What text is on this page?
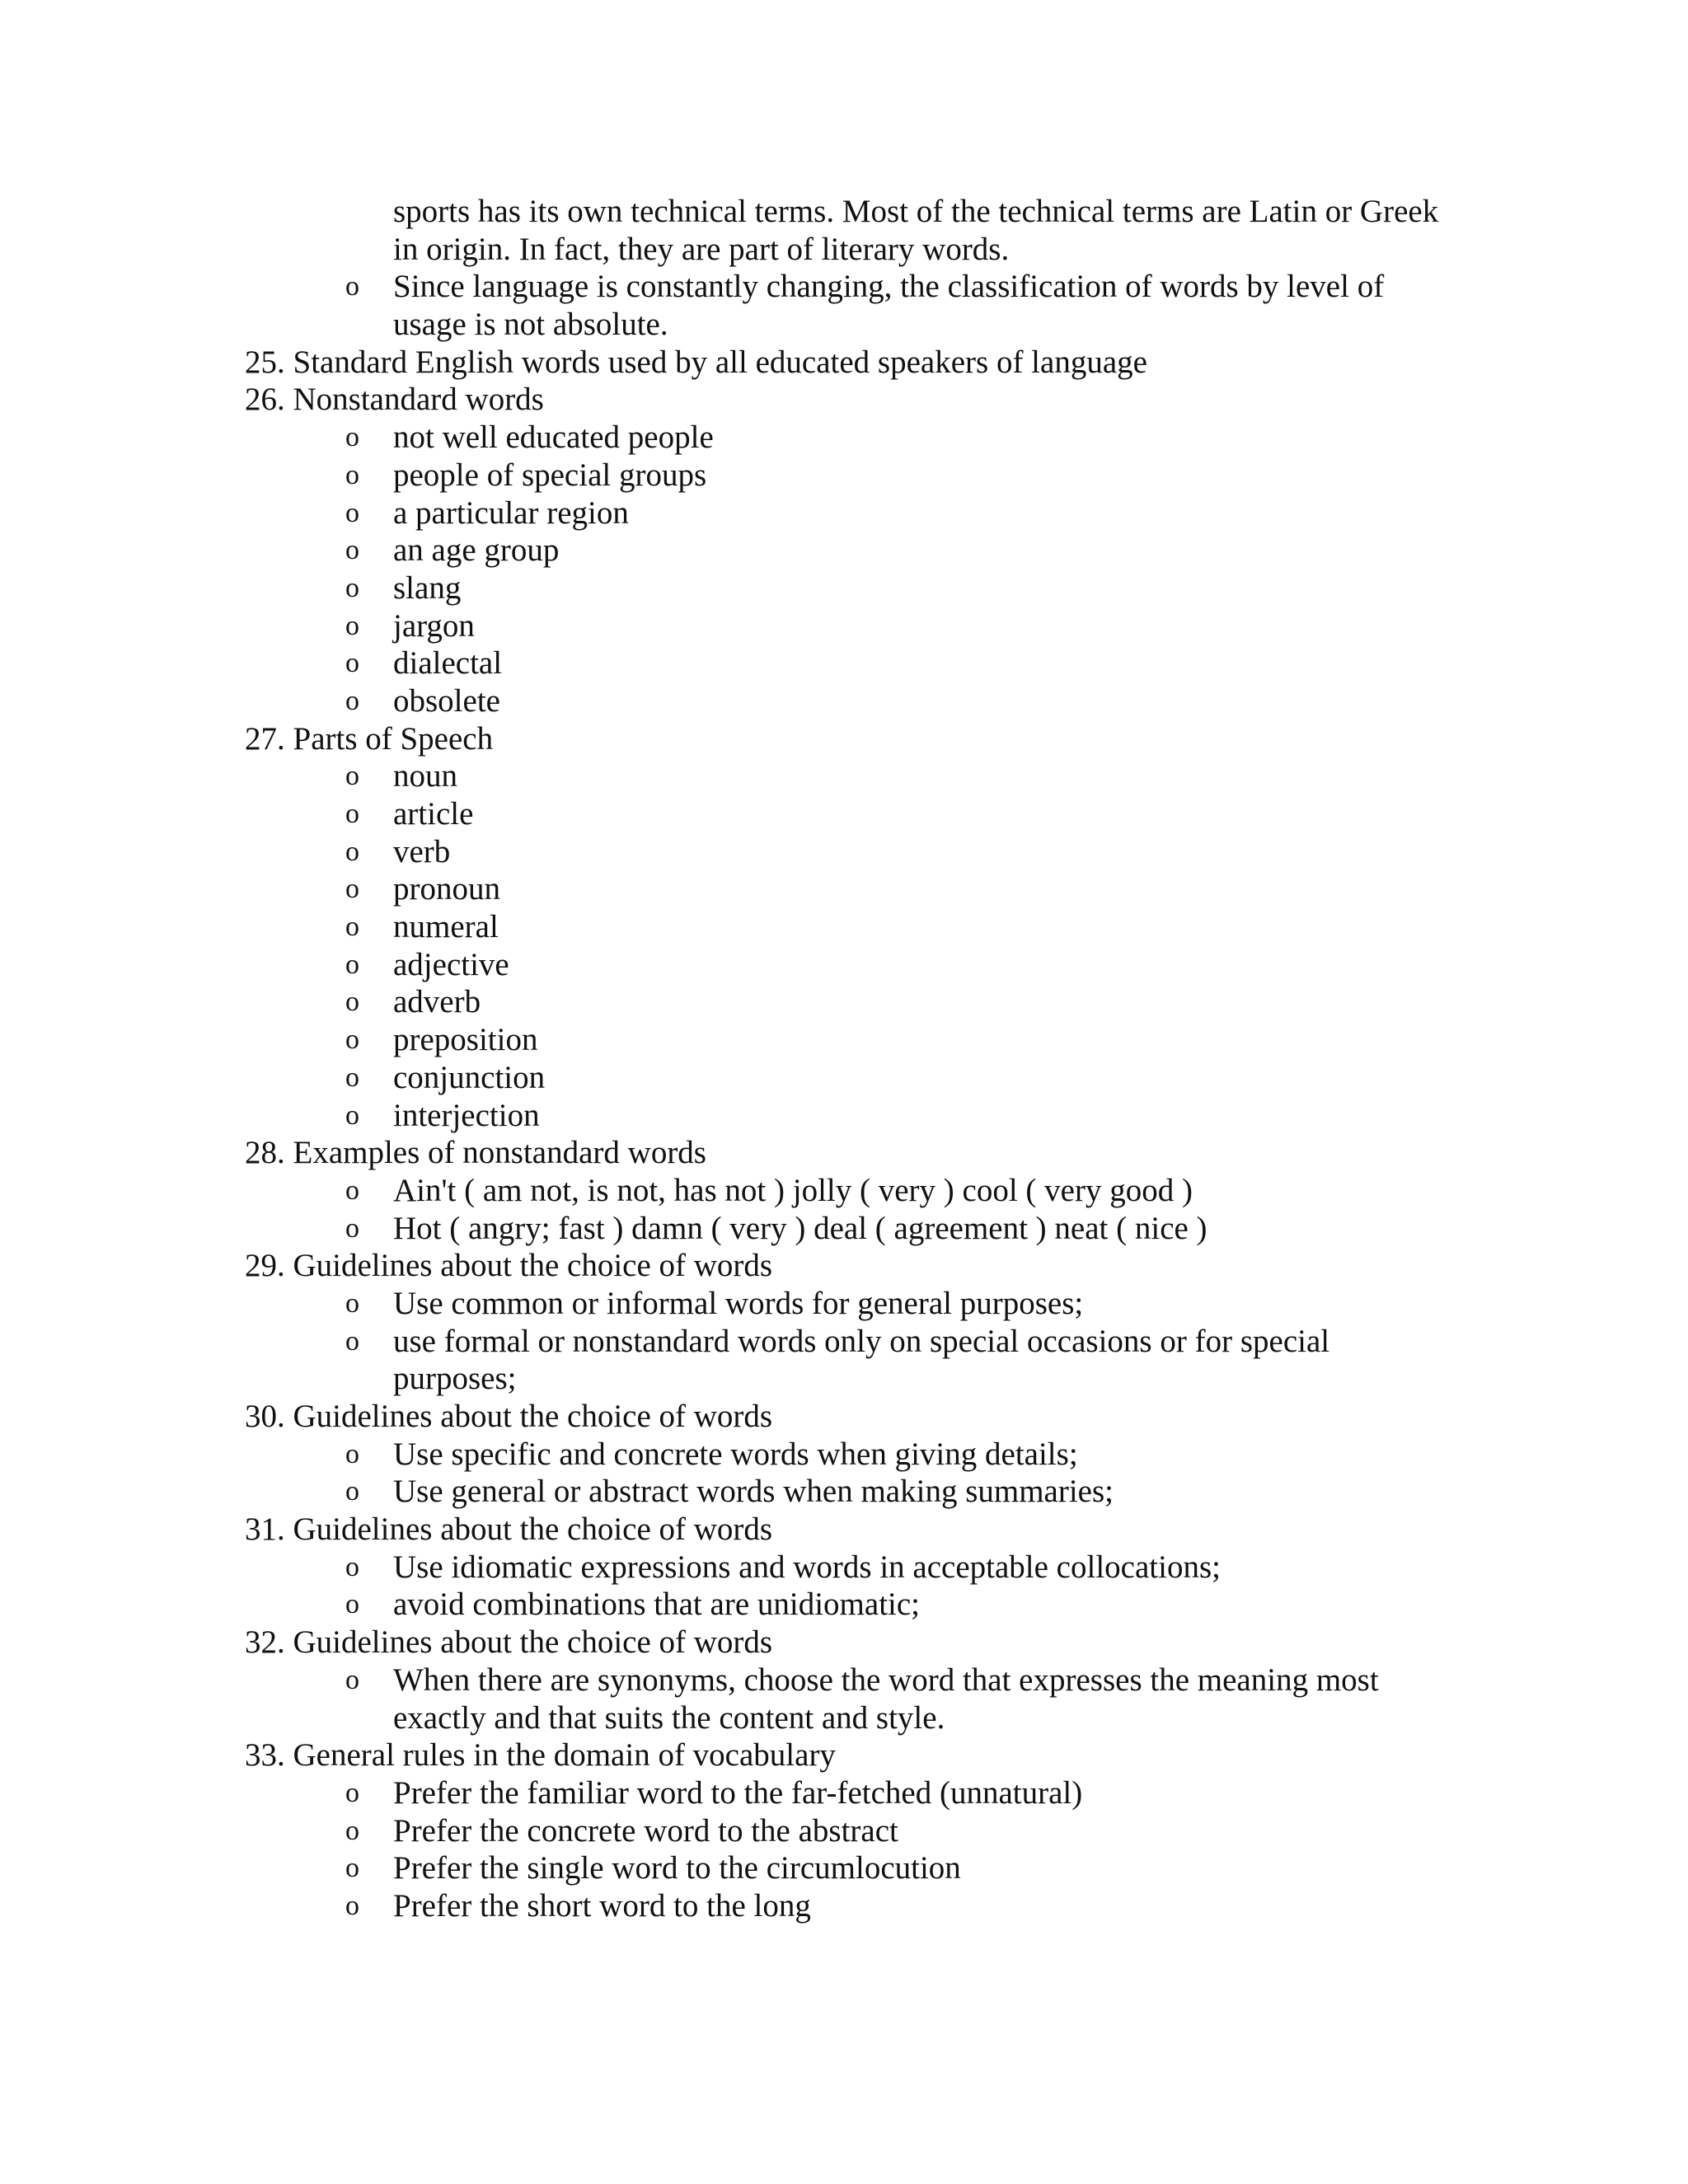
sports has its own technical terms. Most of the technical terms are Latin or Greek
in origin. In fact, they are part of literary words.
o Since language is constantly changing, the classification of words by level of
usage is not absolute.
25. Standard English words used by all educated speakers of language
26. Nonstandard words
o not well educated people
o people of special groups
o a particular region
o an age group
o slang
o jargon
o dialectal
o obsolete
27. Parts of Speech
o noun
o article
o verb
o pronoun
o numeral
o adjective
o adverb
o preposition
o conjunction
o interjection
28. Examples of nonstandard words
o Ain't ( am not, is not, has not ) jolly ( very ) cool ( very good )
o Hot ( angry; fast ) damn ( very ) deal ( agreement ) neat ( nice )
29. Guidelines about the choice of words
o Use common or informal words for general purposes;
o use formal or nonstandard words only on special occasions or for special
purposes;
30. Guidelines about the choice of words
o Use specific and concrete words when giving details;
o Use general or abstract words when making summaries;
31. Guidelines about the choice of words
o Use idiomatic expressions and words in acceptable collocations;
o avoid combinations that are unidiomatic;
32. Guidelines about the choice of words
o When there are synonyms, choose the word that expresses the meaning most
exactly and that suits the content and style.
33. General rules in the domain of vocabulary
o Prefer the familiar word to the far-fetched (unnatural)
o Prefer the concrete word to the abstract
o Prefer the single word to the circumlocution
o Prefer the short word to the long
